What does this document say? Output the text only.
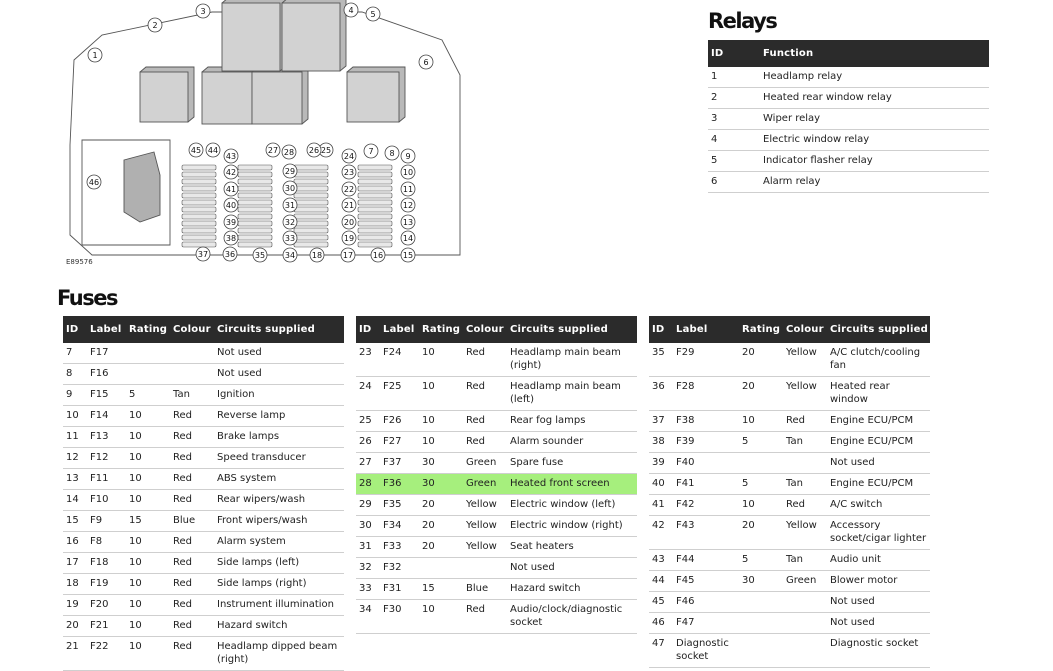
1
2
3	4 5
6
7 8 9
10
11
12
13
14
15
16
17
18
19
20
21
22
23
24
25
26
27 28
29
30
31
32
33
34
35
36
37
38
39
40
41
42
43
44
45
46
E89576
Relays
ID	Function
1	Headlamp relay
2	Heated rear window relay
3	Wiper relay
4	Electric window relay
5	Indicator flasher relay
6	Alarm relay
Fuses
ID	Label	Rating	Colour	Circuits supplied
7	F17			Not used
8	F16			Not used
9	F15	5	Tan	Ignition
10	F14	10	Red	Reverse lamp
11	F13	10	Red	Brake lamps
12	F12	10	Red	Speed transducer
13	F11	10	Red	ABS system
14	F10	10	Red	Rear wipers/wash
15	F9	15	Blue	Front wipers/wash
16	F8	10	Red	Alarm system
17	F18	10	Red	Side lamps (left)
18	F19	10	Red	Side lamps (right)
19	F20	10	Red	Instrument illumination
20	F21	10	Red	Hazard switch
21	F22	10	Red	Headlamp dipped beam (right)
ID	Label	Rating	Colour	Circuits supplied
23	F24	10	Red	Headlamp main beam (right)
24	F25	10	Red	Headlamp main beam (left)
25	F26	10	Red	Rear fog lamps
26	F27	10	Red	Alarm sounder
27	F37	30	Green	Spare fuse
28	F36	30	Green	Heated front screen
29	F35	20	Yellow	Electric window (left)
30	F34	20	Yellow	Electric window (right)
31	F33	20	Yellow	Seat heaters
32	F32			Not used
33	F31	15	Blue	Hazard switch
34	F30	10	Red	Audio/clock/diagnostic socket
ID	Label	Rating	Colour	Circuits supplied
35	F29	20	Yellow	A/C clutch/cooling fan
36	F28	20	Yellow	Heated rear window
37	F38	10	Red	Engine ECU/PCM
38	F39	5	Tan	Engine ECU/PCM
39	F40			Not used
40	F41	5	Tan	Engine ECU/PCM
41	F42	10	Red	A/C switch
42	F43	20	Yellow	Accessory socket/cigar lighter
43	F44	5	Tan	Audio unit
44	F45	30	Green	Blower motor
45	F46			Not used
46	F47			Not used
47	Diagnostic socket			Diagnostic socket
